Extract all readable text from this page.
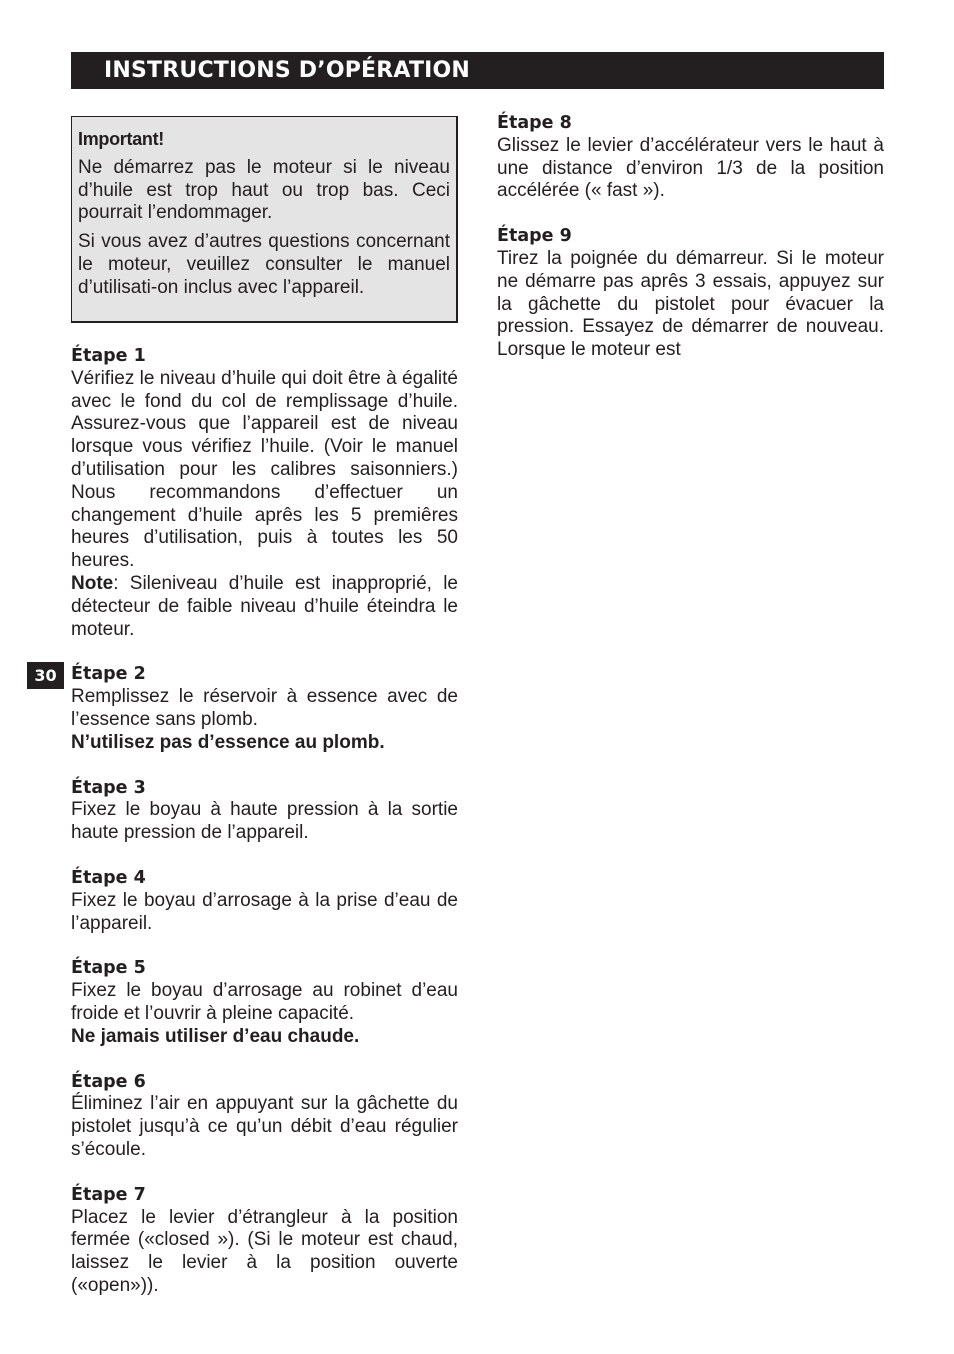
INSTRUCTIONS D’OPÉRATION

Important!

Ne démarrez pas le moteur si le niveau d’huile est trop haut ou trop bas. Ceci pourrait l’endommager.

Si vous avez d’autres questions concernant le moteur, veuillez consulter le manuel d’utilisati-on inclus avec l’appareil.

30
Étape 1

Vérifiez le niveau d’huile qui doit être à égalité avec le fond du col de remplissage d’huile. Assurez-vous que l’appareil est de niveau lorsque vous vérifiez l’huile. (Voir le manuel d’utilisation pour les calibres saisonniers.) Nous recommandons d’effectuer un changement d’huile aprês les 5 premiêres heures d’utilisation, puis à toutes les 50 heures.

Note: Sileniveau d’huile est inapproprié, le détecteur de faible niveau d’huile éteindra le moteur.

Étape 2

Remplissez le réservoir à essence avec de l’essence sans plomb.

N’utilisez pas d’essence au plomb.

Étape 3

Fixez le boyau à haute pression à la sortie haute pression de l’appareil.

Étape 4

Fixez le boyau d’arrosage à la prise d’eau de l’appareil.

Étape 5

Fixez le boyau d’arrosage au robinet d’eau froide et l’ouvrir à pleine capacité.

Ne jamais utiliser d’eau chaude.

Étape 6

Éliminez l’air en appuyant sur la gâchette du pistolet jusqu’à ce qu’un débit d’eau régulier s’écoule.

Étape 7

Placez le levier d’étrangleur à la position fermée («closed »). (Si le moteur est chaud, laissez le levier à la position ouverte («open»)).

Étape 8

Glissez le levier d’accélérateur vers le haut à une distance d’environ 1/3 de la position accélérée (« fast »).

Étape 9

Tirez la poignée du démarreur. Si le moteur ne démarre pas aprês 3 essais, appuyez sur la gâchette du pistolet pour évacuer la pression. Essayez de démarrer de nouveau. Lorsque le moteur est
